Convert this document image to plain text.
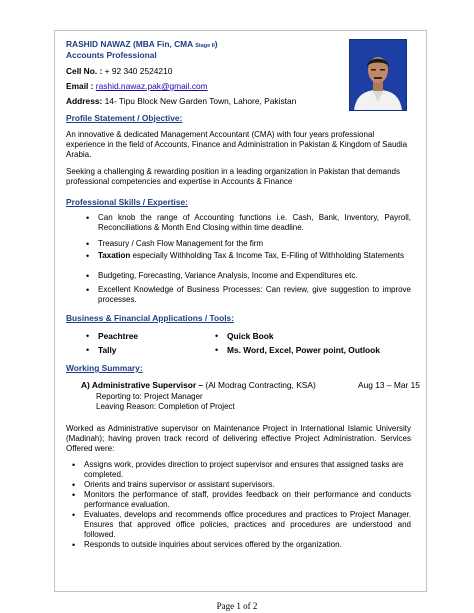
RASHID NAWAZ (MBA Fin, CMA Stage II)
Accounts Professional
Cell No. : + 92 340 2524210
Email : rashid.nawaz.pak@gmail.com
Address: 14- Tipu Block New Garden Town, Lahore, Pakistan
Profile Statement / Objective:
An innovative & dedicated Management Accountant (CMA) with four years professional experience in the field of Accounts, Finance and Administration in Pakistan & Kingdom of Saudia Arabia.
Seeking a challenging & rewarding position in a leading organization in Pakistan that demands professional competencies and expertise in Accounts & Finance
Professional Skills / Expertise:
• Can knob the range of Accounting functions i.e. Cash, Bank, Inventory, Payroll, Reconciliations & Month End Closing within time deadline.
• Treasury / Cash Flow Management for the firm
• Taxation especially Withholding Tax & Income Tax, E-Filing of Withholding Statements
• Budgeting, Forecasting, Variance Analysis, Income and Expenditures etc.
• Excellent Knowledge of Business Processes: Can review, give suggestion to improve processes.
Business & Financial Applications / Tools:
• Peachtree	• Quick Book
• Tally	• Ms. Word, Excel, Power point, Outlook
Working Summary:
A) Administrative Supervisor – (Al Modrag Contracting, KSA)	Aug 13 – Mar 15
Reporting to: Project Manager
Leaving Reason: Completion of Project
Worked as Administrative supervisor on Maintenance Project in International Islamic University (Madinah); having proven track record of delivering effective Project Administration. Services Offered were:
• Assigns work, provides direction to project supervisor and ensures that assigned tasks are completed.
• Orients and trains supervisor or assistant supervisors.
• Monitors the performance of staff, provides feedback on their performance and conducts performance evaluation.
• Evaluates, develops and recommends office procedures and practices to Project Manager. Ensures that approved office policies, practices and procedures are understood and followed.
• Responds to outside inquiries about services offered by the organization.
Page 1 of 2
